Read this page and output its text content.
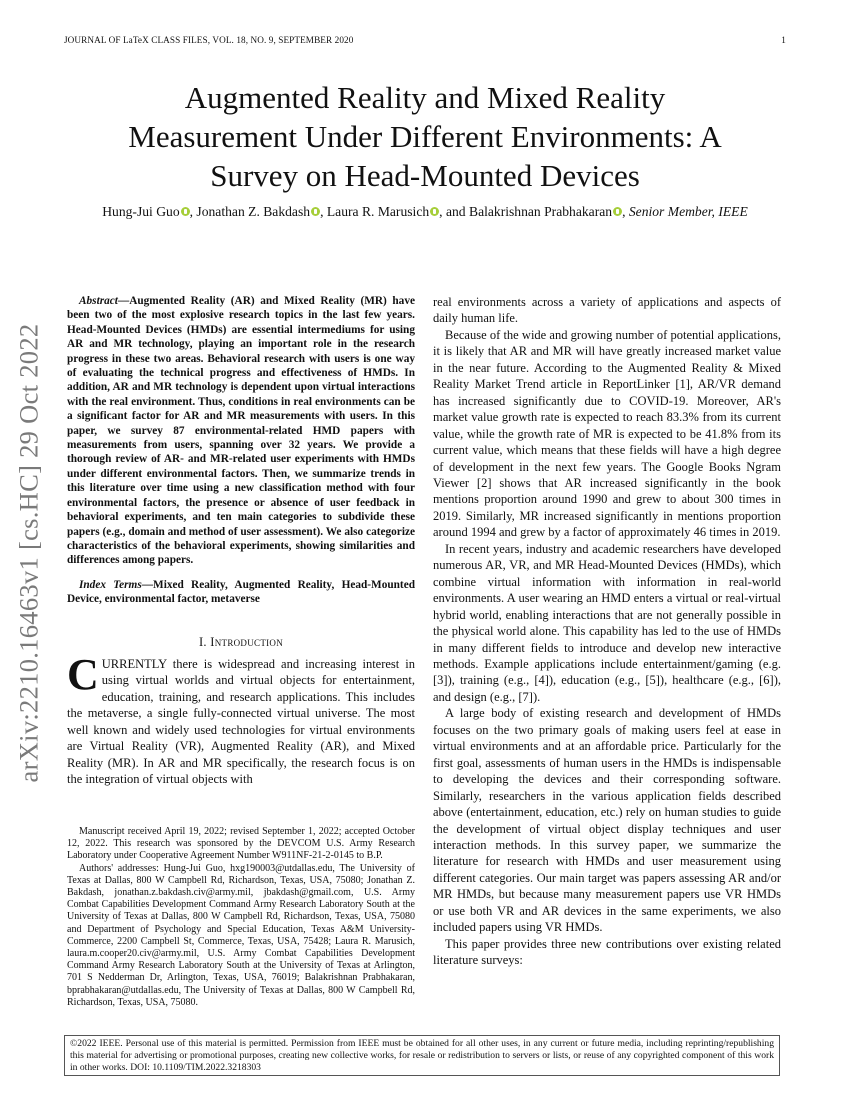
JOURNAL OF LaTeX CLASS FILES, VOL. 18, NO. 9, SEPTEMBER 2020	1
Augmented Reality and Mixed Reality Measurement Under Different Environments: A Survey on Head-Mounted Devices
Hung-Jui Guo , Jonathan Z. Bakdash , Laura R. Marusich , and Balakrishnan Prabhakaran , Senior Member, IEEE
arXiv:2210.16463v1 [cs.HC] 29 Oct 2022

Abstract—Augmented Reality (AR) and Mixed Reality (MR) have been two of the most explosive research topics in the last few years. Head-Mounted Devices (HMDs) are essential intermediums for using AR and MR technology, playing an important role in the research progress in these two areas. Behavioral research with users is one way of evaluating the technical progress and effectiveness of HMDs. In addition, AR and MR technology is dependent upon virtual interactions with the real environment. Thus, conditions in real environments can be a significant factor for AR and MR measurements with users. In this paper, we survey 87 environmental-related HMD papers with measurements from users, spanning over 32 years. We provide a thorough review of AR- and MR-related user experiments with HMDs under different environmental factors. Then, we summarize trends in this literature over time using a new classification method with four environmental factors, the presence or absence of user feedback in behavioral experiments, and ten main categories to subdivide these papers (e.g., domain and method of user assessment). We also categorize characteristics of the behavioral experiments, showing similarities and differences among papers.

Index Terms—Mixed Reality, Augmented Reality, Head-Mounted Device, environmental factor, metaverse

I. Introduction

CURRENTLY there is widespread and increasing interest in using virtual worlds and virtual objects for entertainment, education, training, and research applications. This includes the metaverse, a single fully-connected virtual universe. The most well known and widely used technologies for virtual environments are Virtual Reality (VR), Augmented Reality (AR), and Mixed Reality (MR). In AR and MR specifically, the research focus is on the integration of virtual objects with

Manuscript received April 19, 2022; revised September 1, 2022; accepted October 12, 2022. This research was sponsored by the DEVCOM U.S. Army Research Laboratory under Cooperative Agreement Number W911NF-21-2-0145 to B.P.

Authors' addresses: Hung-Jui Guo, hxg190003@utdallas.edu, The University of Texas at Dallas, 800 W Campbell Rd, Richardson, Texas, USA, 75080; Jonathan Z. Bakdash, jonathan.z.bakdash.civ@army.mil, jbakdash@gmail.com, U.S. Army Combat Capabilities Development Command Army Research Laboratory South at the University of Texas at Dallas, 800 W Campbell Rd, Richardson, Texas, USA, 75080 and Department of Psychology and Special Education, Texas A&M University-Commerce, 2200 Campbell St, Commerce, Texas, USA, 75428; Laura R. Marusich, laura.m.cooper20.civ@army.mil, U.S. Army Combat Capabilities Development Command Army Research Laboratory South at the University of Texas at Arlington, 701 S Nedderman Dr, Arlington, Texas, USA, 76019; Balakrishnan Prabhakaran, bprabhakaran@utdallas.edu, The University of Texas at Dallas, 800 W Campbell Rd, Richardson, Texas, USA, 75080.

real environments across a variety of applications and aspects of daily human life.

Because of the wide and growing number of potential applications, it is likely that AR and MR will have greatly increased market value in the near future. According to the Augmented Reality & Mixed Reality Market Trend article in ReportLinker [1], AR/VR demand has increased significantly due to COVID-19. Moreover, AR's market value growth rate is expected to reach 83.3% from its current value, while the growth rate of MR is expected to be 41.8% from its current value, which means that these fields will have a high degree of development in the next few years. The Google Books Ngram Viewer [2] shows that AR increased significantly in the book mentions proportion around 1990 and grew to about 300 times in 2019. Similarly, MR increased significantly in mentions proportion around 1994 and grew by a factor of approximately 46 times in 2019.

In recent years, industry and academic researchers have developed numerous AR, VR, and MR Head-Mounted Devices (HMDs), which combine virtual information with information in real-world environments. A user wearing an HMD enters a virtual or real-virtual hybrid world, enabling interactions that are not generally possible in the physical world alone. This capability has led to the use of HMDs in many different fields to introduce and develop new interactive methods. Example applications include entertainment/gaming (e.g. [3]), training (e.g., [4]), education (e.g., [5]), healthcare (e.g., [6]), and design (e.g., [7]).

A large body of existing research and development of HMDs focuses on the two primary goals of making users feel at ease in virtual environments and at an affordable price. Particularly for the first goal, assessments of human users in the HMDs is indispensable to developing the devices and their corresponding software. Similarly, researchers in the various application fields described above (entertainment, education, etc.) rely on human studies to guide the development of virtual object display techniques and user interaction methods. In this survey paper, we summarize the literature for research with HMDs and user measurement using different categories. Our main target was papers assessing AR and/or MR HMDs, but because many measurement papers use VR HMDs or use both VR and AR devices in the same experiments, we also included papers using VR HMDs.

This paper provides three new contributions over existing related literature surveys:

©2022 IEEE. Personal use of this material is permitted. Permission from IEEE must be obtained for all other uses, in any current or future media, including reprinting/republishing this material for advertising or promotional purposes, creating new collective works, for resale or redistribution to servers or lists, or reuse of any copyrighted component of this work in other works. DOI: 10.1109/TIM.2022.3218303
